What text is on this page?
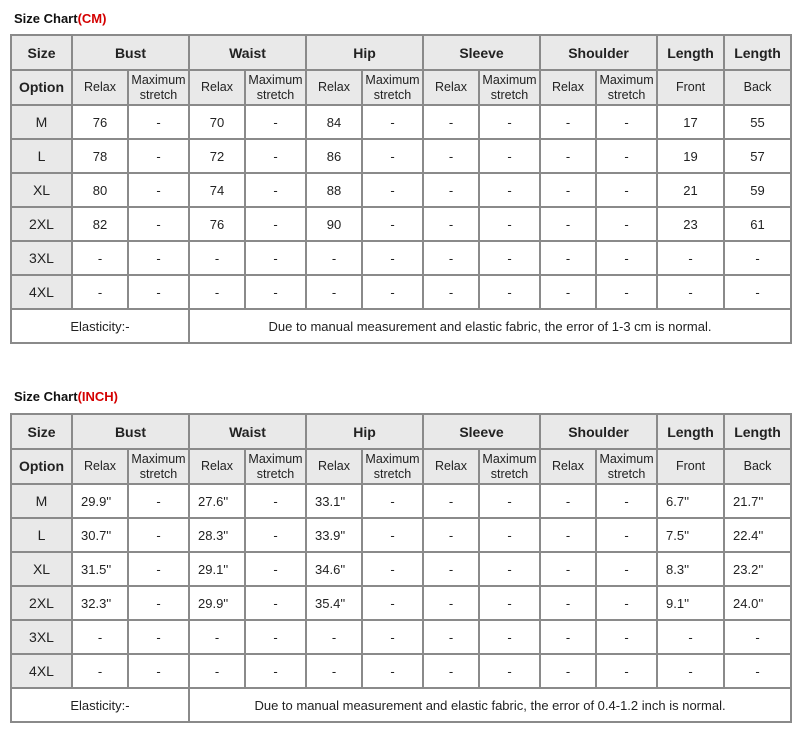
Size Chart(CM)
Size	Bust		Waist		Hip		Sleeve		Shoulder		Length	Length
Option	Relax	Maximum stretch	Relax	Maximum stretch	Relax	Maximum stretch	Relax	Maximum stretch	Relax	Maximum stretch	Front	Back
M	76	-	70	-	84	-	-	-	-	-	17	55
L	78	-	72	-	86	-	-	-	-	-	19	57
XL	80	-	74	-	88	-	-	-	-	-	21	59
2XL	82	-	76	-	90	-	-	-	-	-	23	61
3XL	-	-	-	-	-	-	-	-	-	-	-	-
4XL	-	-	-	-	-	-	-	-	-	-	-	-
Elasticity:-			Due to manual measurement and elastic fabric, the error of 1-3 cm is normal.									
Size Chart(INCH)
Size	Bust		Waist		Hip		Sleeve		Shoulder		Length	Length
Option	Relax	Maximum stretch	Relax	Maximum stretch	Relax	Maximum stretch	Relax	Maximum stretch	Relax	Maximum stretch	Front	Back
M	29.9''	-	27.6''	-	33.1''	-	-	-	-	-	6.7''	21.7''
L	30.7''	-	28.3''	-	33.9''	-	-	-	-	-	7.5''	22.4''
XL	31.5''	-	29.1''	-	34.6''	-	-	-	-	-	8.3''	23.2''
2XL	32.3''	-	29.9''	-	35.4''	-	-	-	-	-	9.1''	24.0''
3XL	-	-	-	-	-	-	-	-	-	-	-	-
4XL	-	-	-	-	-	-	-	-	-	-	-	-
Elasticity:-			Due to manual measurement and elastic fabric, the error of 0.4-1.2 inch is normal.									
